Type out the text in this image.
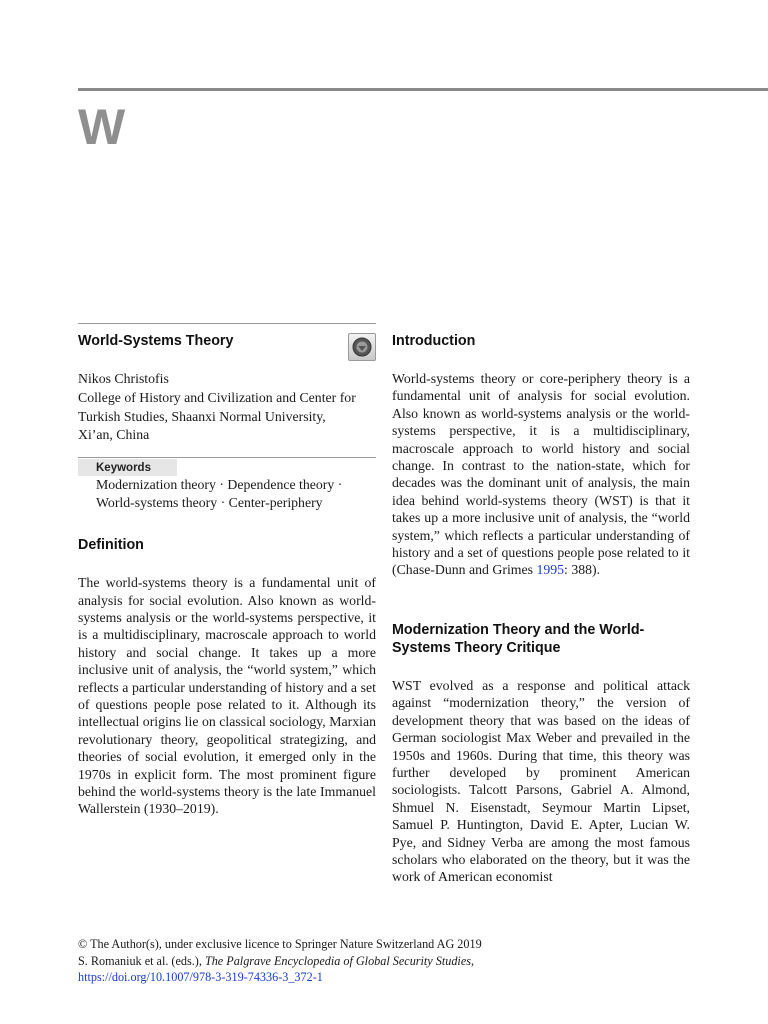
W
World-Systems Theory
Nikos Christofis
College of History and Civilization and Center for
Turkish Studies, Shaanxi Normal University,
Xi’an, China
Keywords
Modernization theory · Dependence theory ·
World-systems theory · Center-periphery
Definition

The world-systems theory is a fundamental unit of analysis for social evolution. Also known as world-systems analysis or the world-systems perspective, it is a multidisciplinary, macroscale approach to world history and social change. It takes up a more inclusive unit of analysis, the “world system,” which reflects a particular understanding of history and a set of questions people pose related to it. Although its intellectual origins lie on classical sociology, Marxian revolutionary theory, geopolitical strategizing, and theories of social evolution, it emerged only in the 1970s in explicit form. The most prominent figure behind the world-systems theory is the late Immanuel Wallerstein (1930–2019).

Introduction

World-systems theory or core-periphery theory is a fundamental unit of analysis for social evolution. Also known as world-systems analysis or the world-systems perspective, it is a multidisciplinary, macroscale approach to world history and social change. In contrast to the nation-state, which for decades was the dominant unit of analysis, the main idea behind world-systems theory (WST) is that it takes up a more inclusive unit of analysis, the “world system,” which reflects a particular understanding of history and a set of questions people pose related to it (Chase-Dunn and Grimes 1995: 388).

Modernization Theory and the World-Systems Theory Critique

WST evolved as a response and political attack against “modernization theory,” the version of development theory that was based on the ideas of German sociologist Max Weber and prevailed in the 1950s and 1960s. During that time, this theory was further developed by prominent American sociologists. Talcott Parsons, Gabriel A. Almond, Shmuel N. Eisenstadt, Seymour Martin Lipset, Samuel P. Huntington, David E. Apter, Lucian W. Pye, and Sidney Verba are among the most famous scholars who elaborated on the theory, but it was the work of American economist

© The Author(s), under exclusive licence to Springer Nature Switzerland AG 2019
S. Romaniuk et al. (eds.), The Palgrave Encyclopedia of Global Security Studies,
https://doi.org/10.1007/978-3-319-74336-3_372-1
